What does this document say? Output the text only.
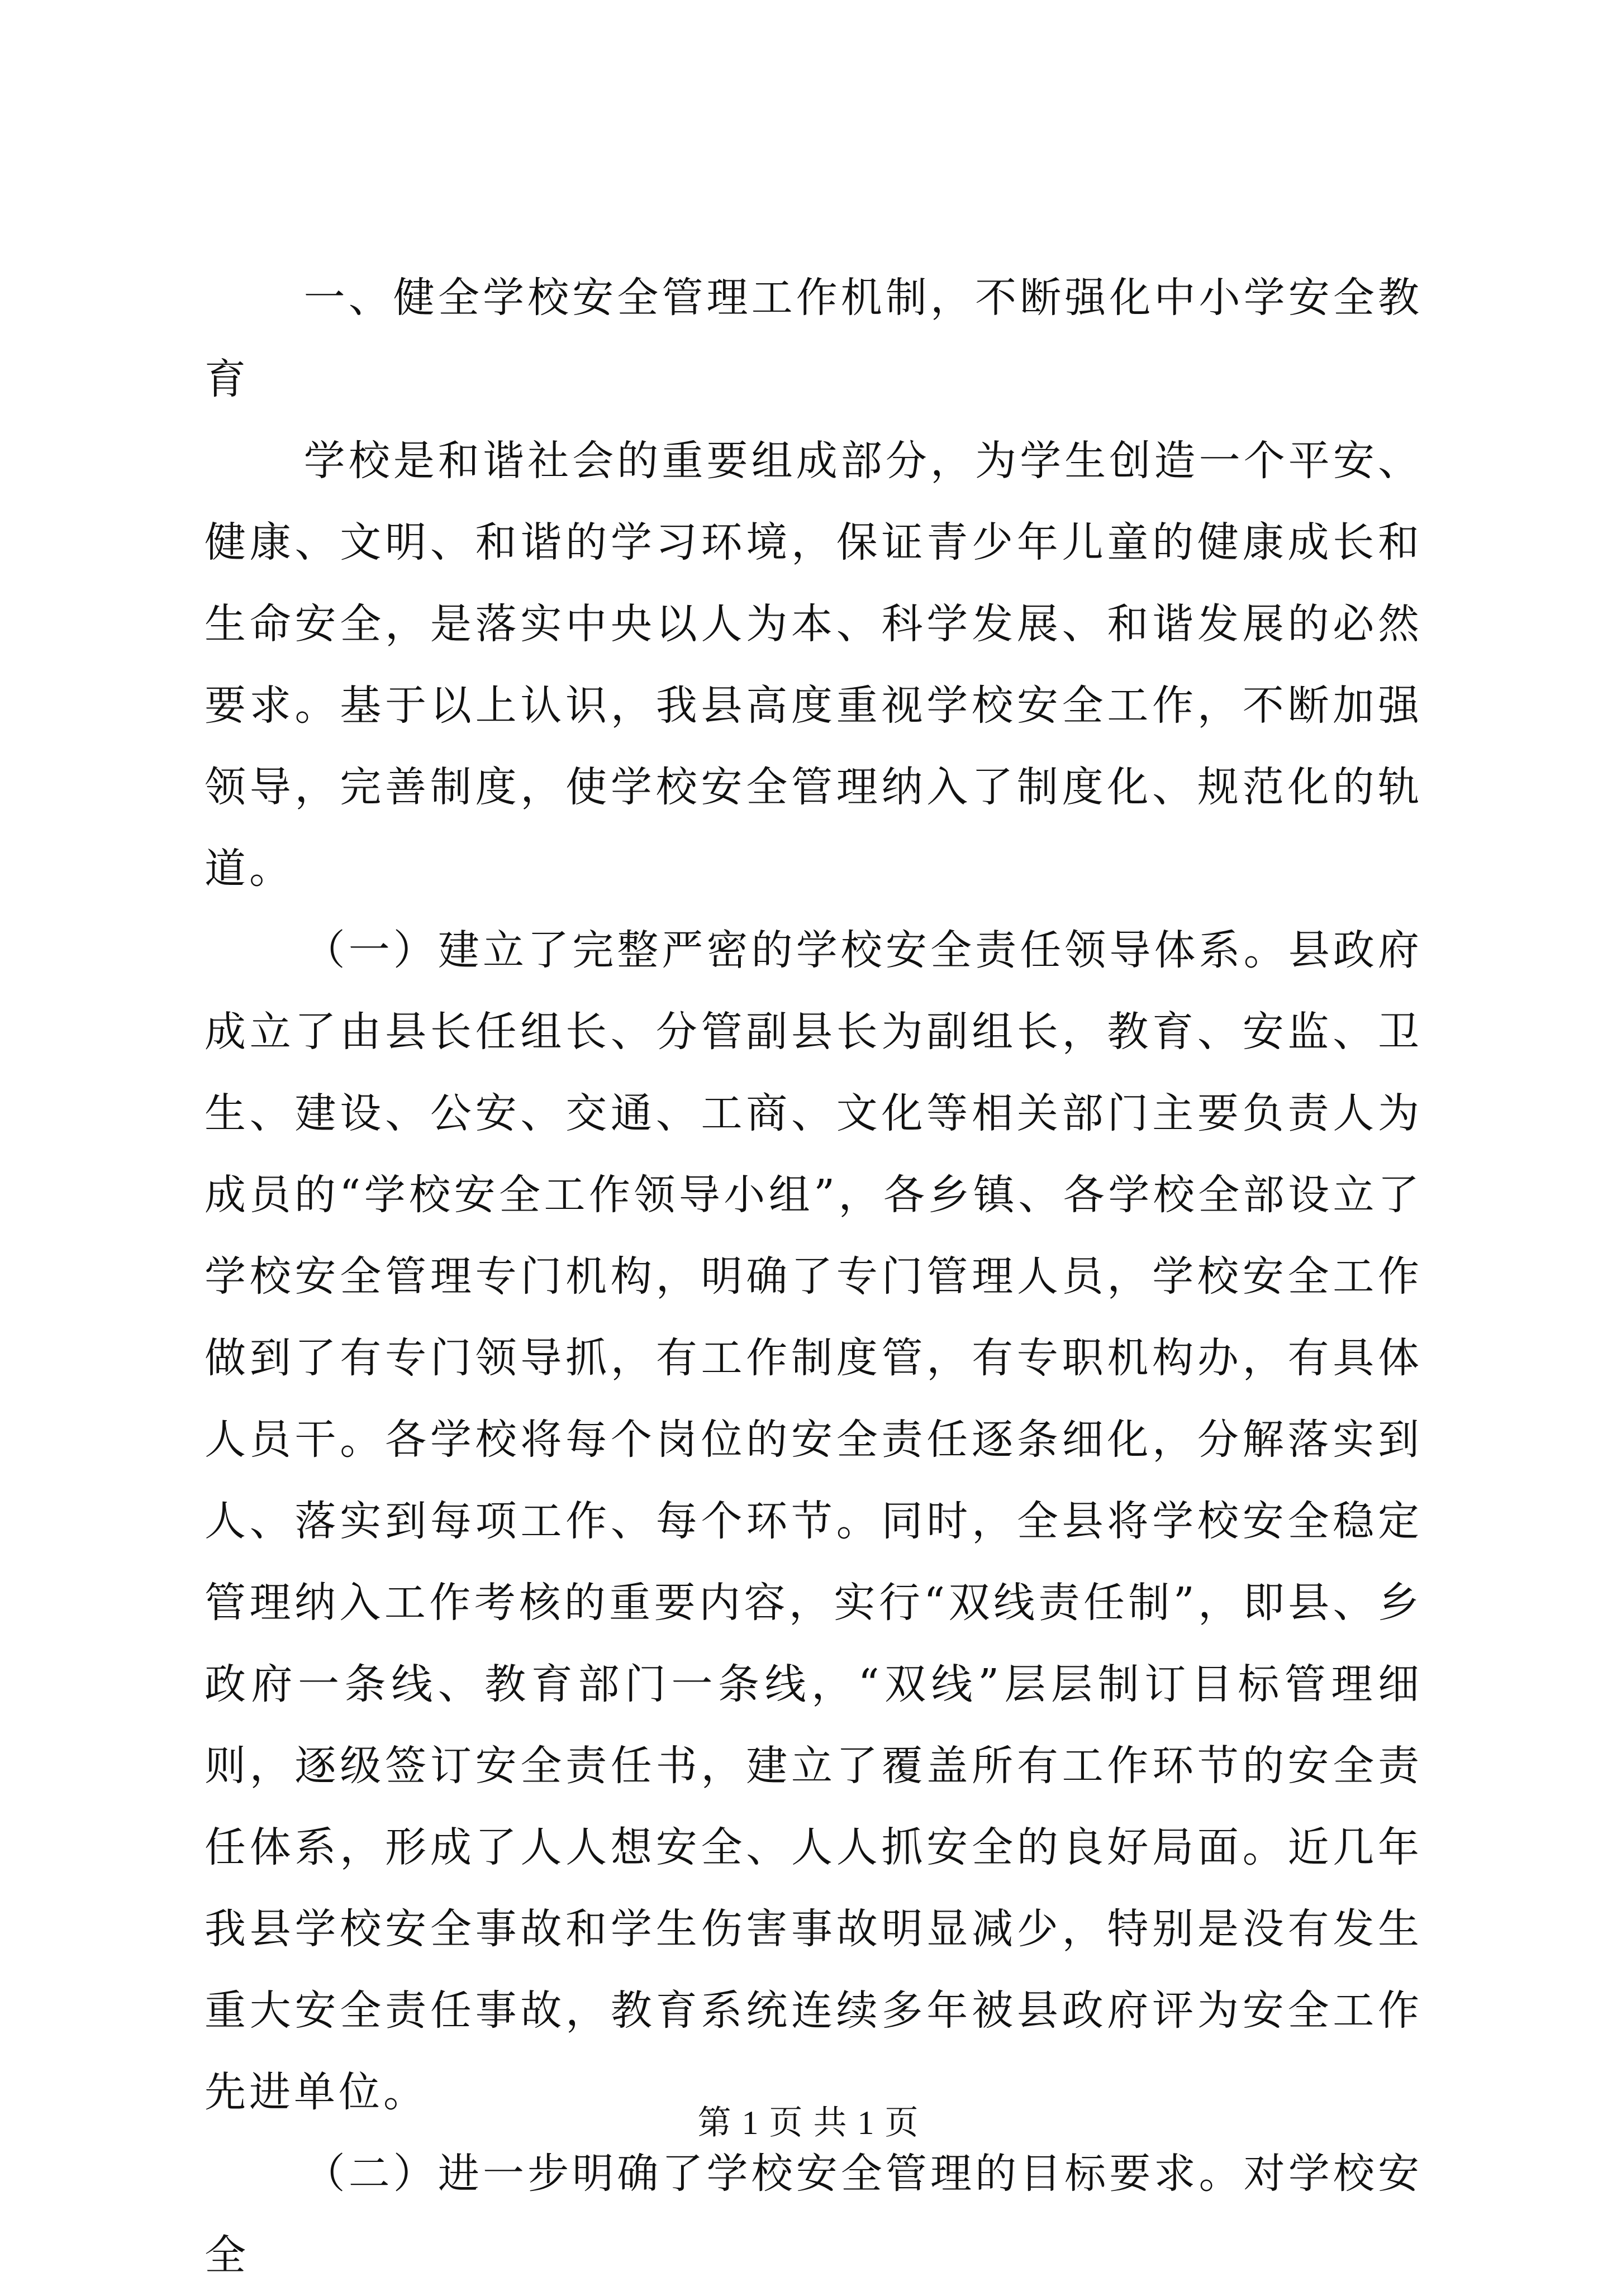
一、健全学校安全管理工作机制，不断强化中小学安全教育

学校是和谐社会的重要组成部分，为学生创造一个平安、健康、文明、和谐的学习环境，保证青少年儿童的健康成长和生命安全，是落实中央以人为本、科学发展、和谐发展的必然要求。基于以上认识，我县高度重视学校安全工作，不断加强领导，完善制度，使学校安全管理纳入了制度化、规范化的轨道。

（一）建立了完整严密的学校安全责任领导体系。县政府成立了由县长任组长、分管副县长为副组长，教育、安监、卫生、建设、公安、交通、工商、文化等相关部门主要负责人为成员的“学校安全工作领导小组”，各乡镇、各学校全部设立了学校安全管理专门机构，明确了专门管理人员，学校安全工作做到了有专门领导抓，有工作制度管，有专职机构办，有具体人员干。各学校将每个岗位的安全责任逐条细化，分解落实到人、落实到每项工作、每个环节。同时，全县将学校安全稳定管理纳入工作考核的重要内容，实行“双线责任制”，即县、乡政府一条线、教育部门一条线，“双线”层层制订目标管理细则，逐级签订安全责任书，建立了覆盖所有工作环节的安全责任体系，形成了人人想安全、人人抓安全的良好局面。近几年我县学校安全事故和学生伤害事故明显减少，特别是没有发生重大安全责任事故，教育系统连续多年被县政府评为安全工作先进单位。

（二）进一步明确了学校安全管理的目标要求。对学校安全

第 1 页 共 1 页
